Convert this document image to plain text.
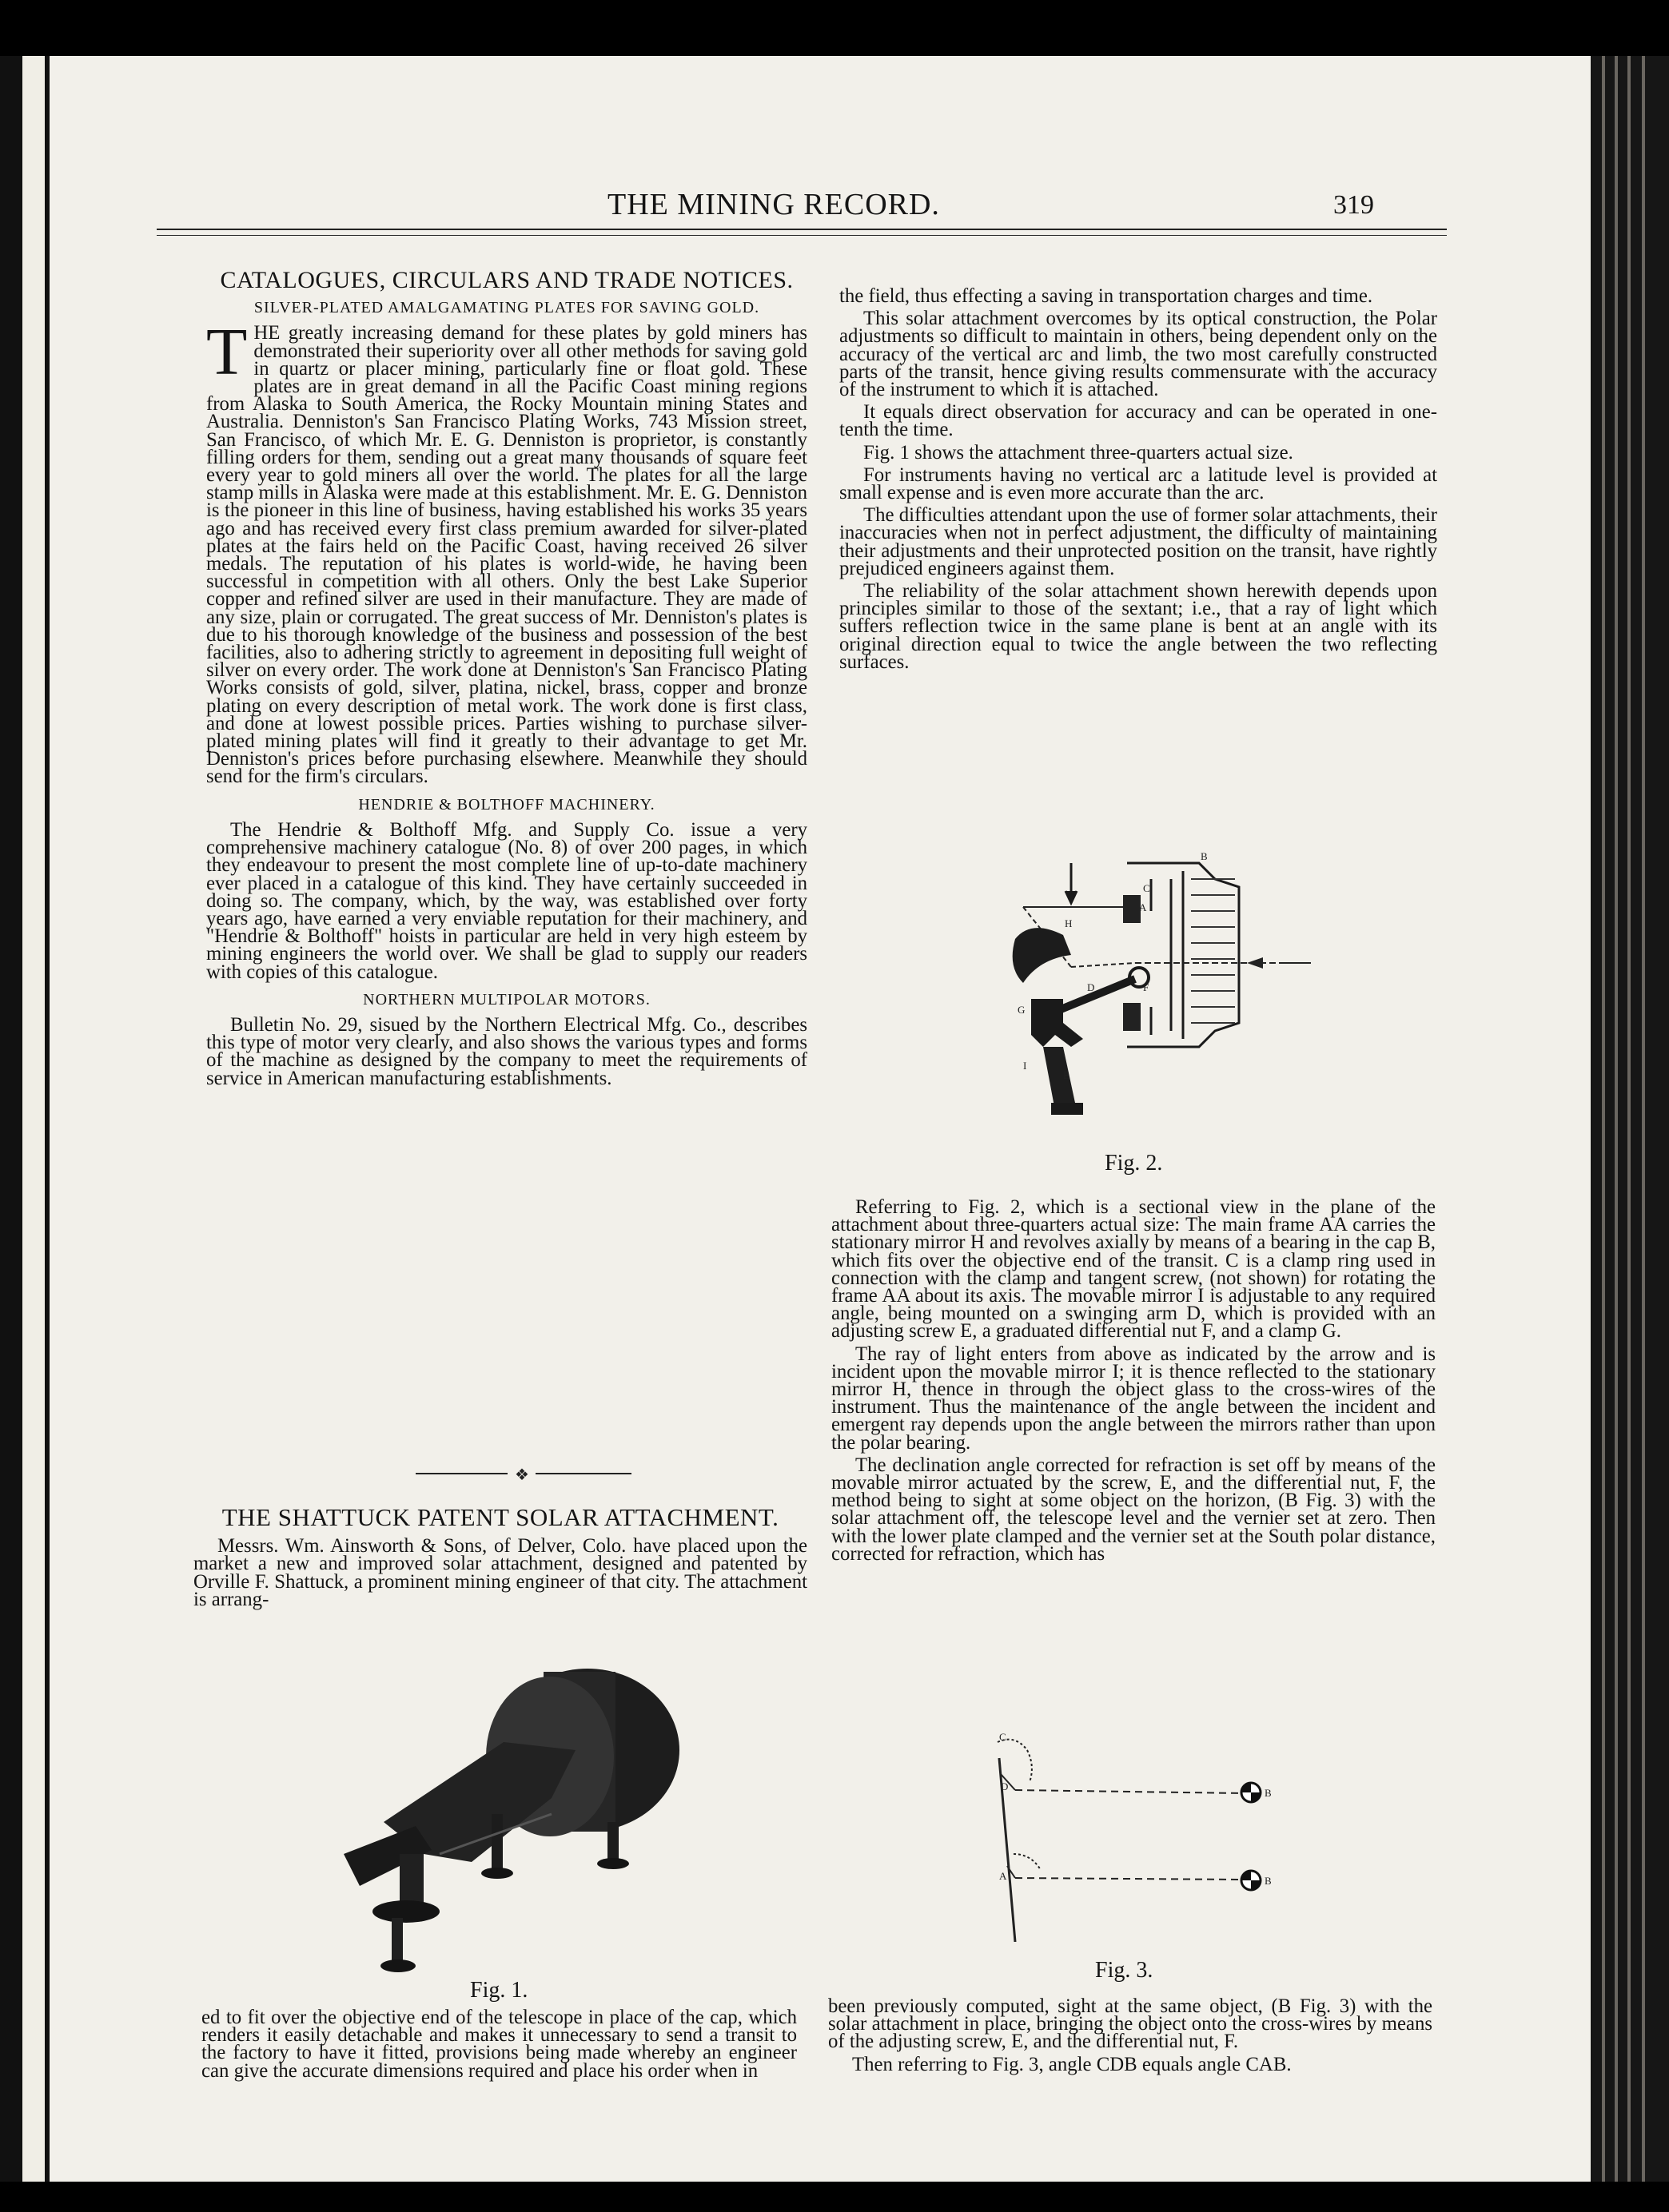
THE MINING RECORD.	319
CATALOGUES, CIRCULARS AND TRADE NOTICES.
SILVER-PLATED AMALGAMATING PLATES FOR SAVING GOLD.

THE greatly increasing demand for these plates by gold miners has demonstrated their superiority over all other methods for saving gold in quartz or placer mining, particularly fine or float gold. These plates are in great demand in all the Pacific Coast mining regions from Alaska to South America, the Rocky Mountain mining States and Australia. Denniston's San Francisco Plating Works, 743 Mission street, San Francisco, of which Mr. E. G. Denniston is proprietor, is constantly filling orders for them, sending out a great many thousands of square feet every year to gold miners all over the world. The plates for all the large stamp mills in Alaska were made at this establishment. Mr. E. G. Denniston is the pioneer in this line of business, having established his works 35 years ago and has received every first class premium awarded for silver-plated plates at the fairs held on the Pacific Coast, having received 26 silver medals. The reputation of his plates is world-wide, he having been successful in competition with all others. Only the best Lake Superior copper and refined silver are used in their manufacture. They are made of any size, plain or corrugated. The great success of Mr. Denniston's plates is due to his thorough knowledge of the business and possession of the best facilities, also to adhering strictly to agreement in depositing full weight of silver on every order. The work done at Denniston's San Francisco Plating Works consists of gold, silver, platina, nickel, brass, copper and bronze plating on every description of metal work. The work done is first class, and done at lowest possible prices. Parties wishing to purchase silver-plated mining plates will find it greatly to their advantage to get Mr. Denniston's prices before purchasing elsewhere. Meanwhile they should send for the firm's circulars.

HENDRIE & BOLTHOFF MACHINERY.

The Hendrie & Bolthoff Mfg. and Supply Co. issue a very comprehensive machinery catalogue (No. 8) of over 200 pages, in which they endeavour to present the most complete line of up-to-date machinery ever placed in a catalogue of this kind. They have certainly succeeded in doing so. The company, which, by the way, was established over forty years ago, have earned a very enviable reputation for their machinery, and "Hendrie & Bolthoff" hoists in particular are held in very high esteem by mining engineers the world over. We shall be glad to supply our readers with copies of this catalogue.

NORTHERN MULTIPOLAR MOTORS.

Bulletin No. 29, sisued by the Northern Electrical Mfg. Co., describes this type of motor very clearly, and also shows the various types and forms of the machine as designed by the company to meet the requirements of service in American manufacturing establishments.

❖
THE SHATTUCK PATENT SOLAR ATTACHMENT.

Messrs. Wm. Ainsworth & Sons, of Delver, Colo. have placed upon the market a new and improved solar attachment, designed and patented by Orville F. Shattuck, a prominent mining engineer of that city. The attachment is arrang-

Fig. 1.

ed to fit over the objective end of the telescope in place of the cap, which renders it easily detachable and makes it unnecessary to send a transit to the factory to have it fitted, provisions being made whereby an engineer can give the accurate dimensions required and place his order when in

the field, thus effecting a saving in transportation charges and time.

This solar attachment overcomes by its optical construction, the Polar adjustments so difficult to maintain in others, being dependent only on the accuracy of the vertical arc and limb, the two most carefully constructed parts of the transit, hence giving results commensurate with the accuracy of the instrument to which it is attached.

It equals direct observation for accuracy and can be operated in one-tenth the time.

Fig. 1 shows the attachment three-quarters actual size.

For instruments having no vertical arc a latitude level is provided at small expense and is even more accurate than the arc.

The difficulties attendant upon the use of former solar attachments, their inaccuracies when not in perfect adjustment, the difficulty of maintaining their adjustments and their unprotected position on the transit, have rightly prejudiced engineers against them.

The reliability of the solar attachment shown herewith depends upon principles similar to those of the sextant; i.e., that a ray of light which suffers reflection twice in the same plane is bent at an angle with its original direction equal to twice the angle between the two reflecting surfaces.

A
B
C
D
E
F
G
H
I
Fig. 2.

Referring to Fig. 2, which is a sectional view in the plane of the attachment about three-quarters actual size: The main frame AA carries the stationary mirror H and revolves axially by means of a bearing in the cap B, which fits over the objective end of the transit. C is a clamp ring used in connection with the clamp and tangent screw, (not shown) for rotating the frame AA about its axis. The movable mirror I is adjustable to any required angle, being mounted on a swinging arm D, which is provided with an adjusting screw E, a graduated differential nut F, and a clamp G.

The ray of light enters from above as indicated by the arrow and is incident upon the movable mirror I; it is thence reflected to the stationary mirror H, thence in through the object glass to the cross-wires of the instrument. Thus the maintenance of the angle between the incident and emergent ray depends upon the angle between the mirrors rather than upon the polar bearing.

The declination angle corrected for refraction is set off by means of the movable mirror actuated by the screw, E, and the differential nut, F, the method being to sight at some object on the horizon, (B Fig. 3) with the solar attachment off, the telescope level and the vernier set at zero. Then with the lower plate clamped and the vernier set at the South polar distance, corrected for refraction, which has

C
D
A
B
B
Fig. 3.

been previously computed, sight at the same object, (B Fig. 3) with the solar attachment in place, bringing the object onto the cross-wires by means of the adjusting screw, E, and the differential nut, F.

Then referring to Fig. 3, angle CDB equals angle CAB.
